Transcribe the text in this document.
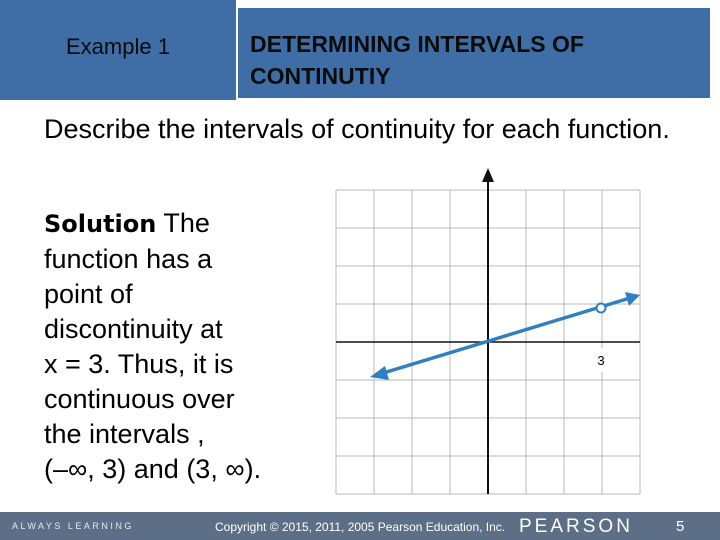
Example 1	DETERMINING INTERVALS OF
CONTINUTIY
Describe the intervals of continuity for each function.
Solution The
function has a
point of
discontinuity at
x = 3. Thus, it is
continuous over
the intervals ,
(–∞, 3) and (3, ∞).
3
ALWAYS LEARNING	Copyright © 2015, 2011, 2005 Pearson Education, Inc. PEARSON	5
